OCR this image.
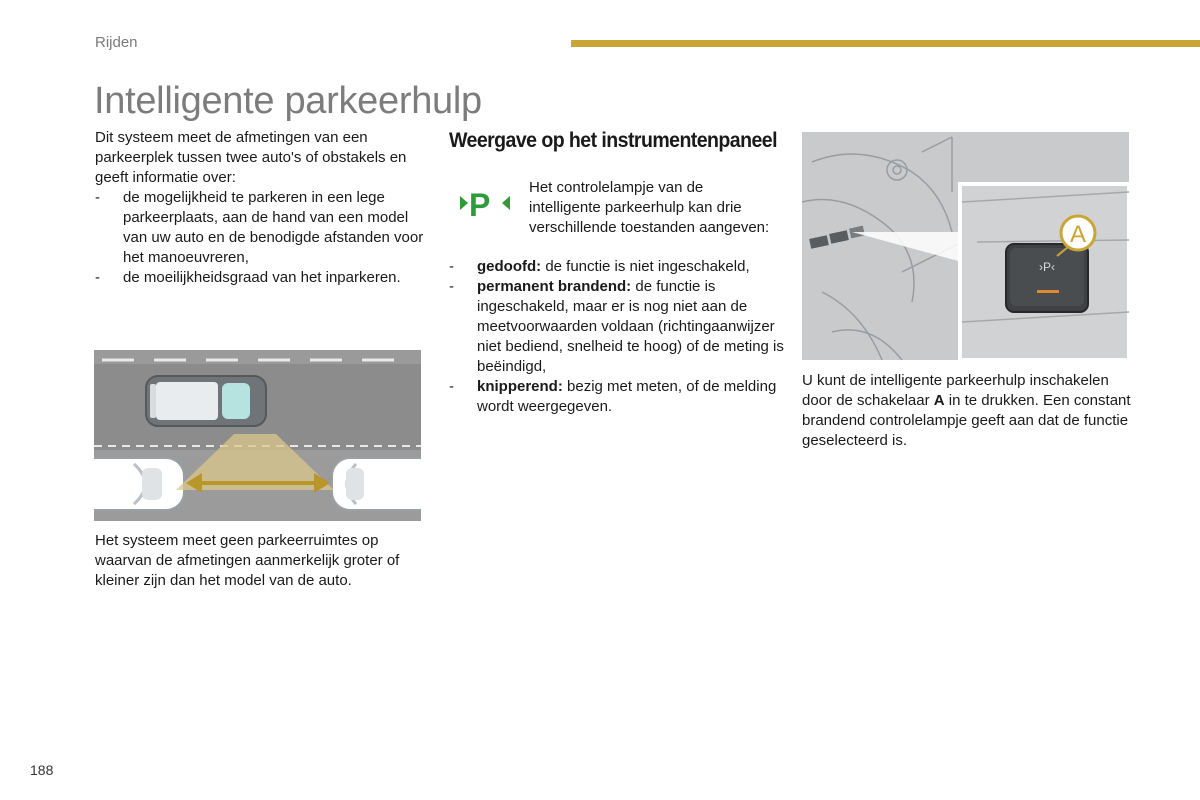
Rijden
Intelligente parkeerhulp
Dit systeem meet de afmetingen van een parkeerplek tussen twee auto's of obstakels en geeft informatie over:
- de mogelijkheid te parkeren in een lege parkeerplaats, aan de hand van een model van uw auto en de benodigde afstanden voor het manoeuvreren,
- de moeilijkheidsgraad van het inparkeren.
Het systeem meet geen parkeerruimtes op waarvan de afmetingen aanmerkelijk groter of kleiner zijn dan het model van de auto.
Weergave op het instrumentenpaneel
P	Het controlelampje van de intelligente parkeerhulp kan drie verschillende toestanden aangeven:
- gedoofd: de functie is niet ingeschakeld,
- permanent brandend: de functie is ingeschakeld, maar er is nog niet aan de meetvoorwaarden voldaan (richtingaanwijzer niet bediend, snelheid te hoog) of de meting is beëindigd,
- knipperend: bezig met meten, of de melding wordt weergegeven.
›P‹
A
U kunt de intelligente parkeerhulp inschakelen door de schakelaar A in te drukken. Een constant brandend controlelampje geeft aan dat de functie geselecteerd is.
188
